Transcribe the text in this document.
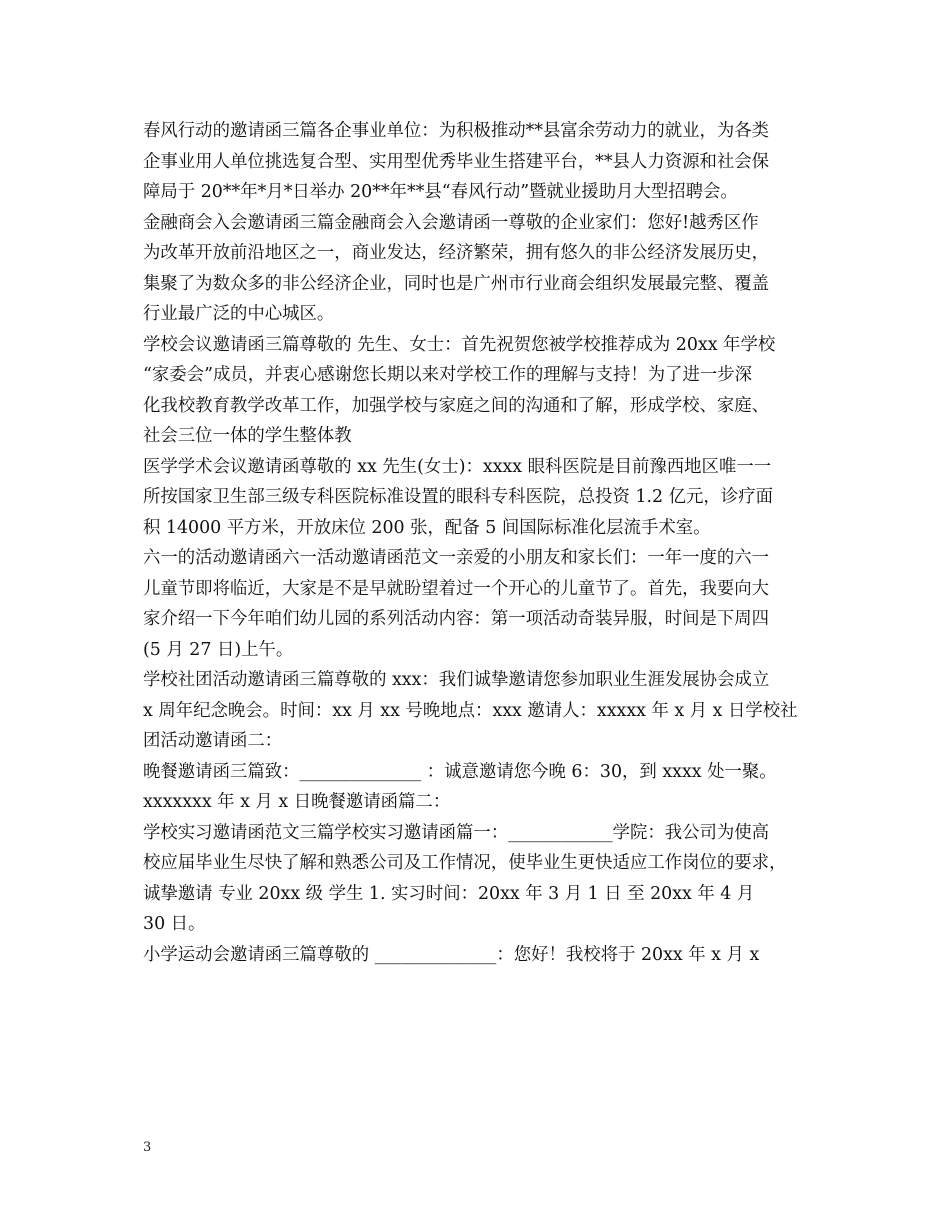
春风行动的邀请函三篇各企事业单位：为积极推动**县富余劳动力的就业，为各类
企事业用人单位挑选复合型、实用型优秀毕业生搭建平台，**县人力资源和社会保
障局于 20**年*月*日举办 20**年**县“春风行动”暨就业援助月大型招聘会。
金融商会入会邀请函三篇金融商会入会邀请函一尊敬的企业家们：您好!越秀区作
为改革开放前沿地区之一，商业发达，经济繁荣，拥有悠久的非公经济发展历史，
集聚了为数众多的非公经济企业，同时也是广州市行业商会组织发展最完整、覆盖
行业最广泛的中心城区。
学校会议邀请函三篇尊敬的 先生、女士：首先祝贺您被学校推荐成为 20xx 年学校
“家委会”成员，并衷心感谢您长期以来对学校工作的理解与支持！为了进一步深
化我校教育教学改革工作，加强学校与家庭之间的沟通和了解，形成学校、家庭、
社会三位一体的学生整体教
医学学术会议邀请函尊敬的 xx 先生(女士)：xxxx 眼科医院是目前豫西地区唯一一
所按国家卫生部三级专科医院标准设置的眼科专科医院，总投资 1.2 亿元，诊疗面
积 14000 平方米，开放床位 200 张，配备 5 间国际标准化层流手术室。
六一的活动邀请函六一活动邀请函范文一亲爱的小朋友和家长们：一年一度的六一
儿童节即将临近，大家是不是早就盼望着过一个开心的儿童节了。首先，我要向大
家介绍一下今年咱们幼儿园的系列活动内容：第一项活动奇装异服，时间是下周四
(5 月 27 日)上午。
学校社团活动邀请函三篇尊敬的 xxx：我们诚挚邀请您参加职业生涯发展协会成立
x 周年纪念晚会。时间：xx 月 xx 号晚地点：xxx 邀请人：xxxxx 年 x 月 x 日学校社
团活动邀请函二：
晚餐邀请函三篇致：______________ ：诚意邀请您今晚 6：30，到 xxxx 处一聚。
xxxxxxx 年 x 月 x 日晚餐邀请函篇二：
学校实习邀请函范文三篇学校实习邀请函篇一：____________学院：我公司为使高
校应届毕业生尽快了解和熟悉公司及工作情况，使毕业生更快适应工作岗位的要求，
诚挚邀请 专业 20xx 级 学生 1. 实习时间：20xx 年 3 月 1 日 至 20xx 年 4 月
30 日。
小学运动会邀请函三篇尊敬的 ______________：您好！我校将于 20xx 年 x 月 x
3
